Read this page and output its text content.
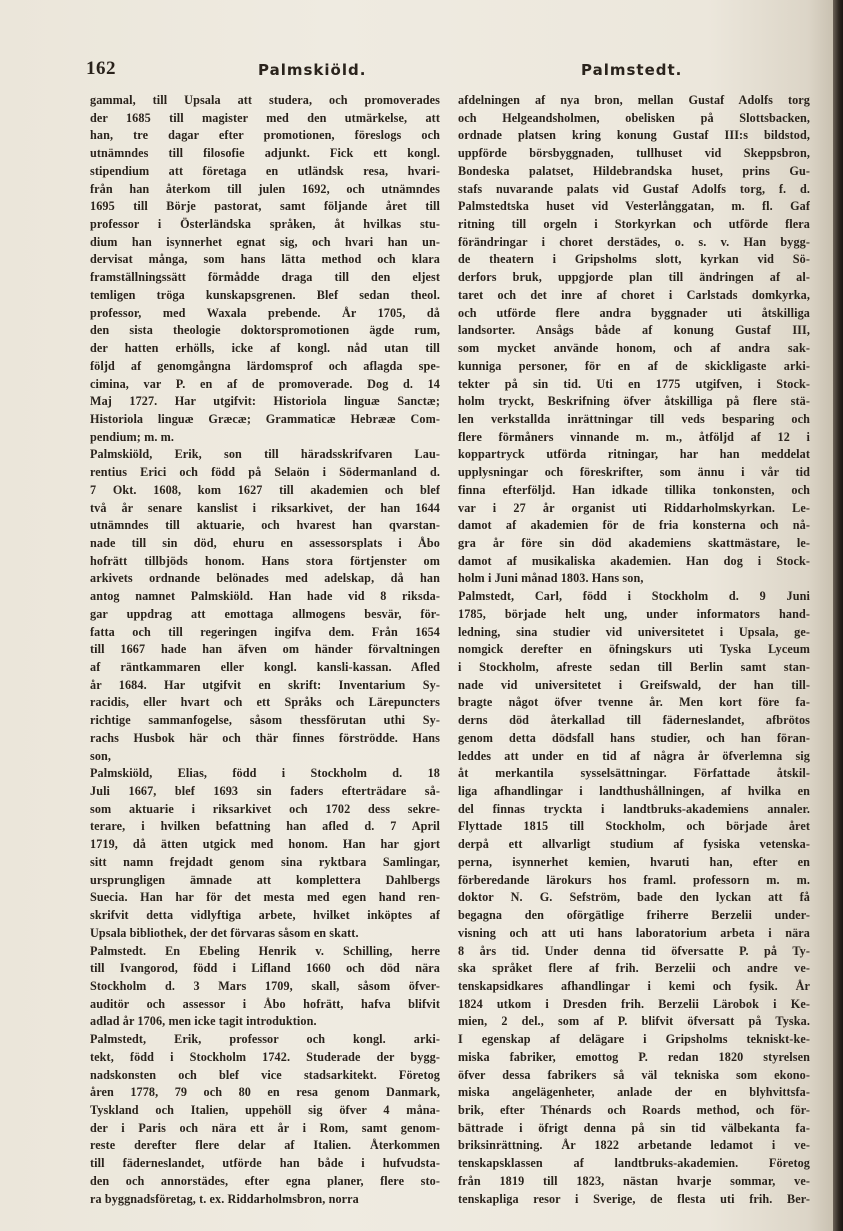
162	Palmskiöld.	Palmstedt.
gammal, till Upsala att studera, och promoverades
der 1685 till magister med den utmärkelse, att
han, tre dagar efter promotionen, föreslogs och
utnämndes till filosofie adjunkt. Fick ett kongl.
stipendium att företaga en utländsk resa, hvari-
från han återkom till julen 1692, och utnämndes
1695 till Börje pastorat, samt följande året till
professor i Österländska språken, åt hvilkas stu-
dium han isynnerhet egnat sig, och hvari han un-
dervisat många, som hans lätta method och klara
framställningssätt förmådde draga till den eljest
temligen tröga kunskapsgrenen. Blef sedan theol.
professor, med Waxala prebende. År 1705, då
den sista theologie doktorspromotionen ägde rum,
der hatten erhölls, icke af kongl. nåd utan till
följd af genomgångna lärdomsprof och aflagda spe-
cimina, var P. en af de promoverade. Dog d. 14
Maj 1727. Har utgifvit: Historiola linguæ Sanctæ;
Historiola linguæ Græcæ; Grammaticæ Hebrææ Com-
pendium; m. m.
Palmskiöld, Erik, son till häradsskrifvaren Lau-
rentius Erici och född på Selaön i Södermanland d.
7 Okt. 1608, kom 1627 till akademien och blef
två år senare kanslist i riksarkivet, der han 1644
utnämndes till aktuarie, och hvarest han qvarstan-
nade till sin död, ehuru en assessorsplats i Åbo
hofrätt tillbjöds honom. Hans stora förtjenster om
arkivets ordnande belönades med adelskap, då han
antog namnet Palmskiöld. Han hade vid 8 riksda-
gar uppdrag att emottaga allmogens besvär, för-
fatta och till regeringen ingifva dem. Från 1654
till 1667 hade han äfven om händer förvaltningen
af räntkammaren eller kongl. kansli-kassan. Afled
år 1684. Har utgifvit en skrift: Inventarium Sy-
racidis, eller hvart och ett Språks och Lärepuncters
richtige sammanfogelse, såsom thessförutan uthi Sy-
rachs Husbok här och thär finnes förströdde. Hans
son,
Palmskiöld, Elias, född i Stockholm d. 18
Juli 1667, blef 1693 sin faders efterträdare så-
som aktuarie i riksarkivet och 1702 dess sekre-
terare, i hvilken befattning han afled d. 7 April
1719, då ätten utgick med honom. Han har gjort
sitt namn frejdadt genom sina ryktbara Samlingar,
ursprungligen ämnade att komplettera Dahlbergs
Suecia. Han har för det mesta med egen hand ren-
skrifvit detta vidlyftiga arbete, hvilket inköptes af
Upsala bibliothek, der det förvaras såsom en skatt.
Palmstedt. En Ebeling Henrik v. Schilling, herre
till Ivangorod, född i Lifland 1660 och död nära
Stockholm d. 3 Mars 1709, skall, såsom öfver-
auditör och assessor i Åbo hofrätt, hafva blifvit
adlad år 1706, men icke tagit introduktion.
Palmstedt, Erik, professor och kongl. arki-
tekt, född i Stockholm 1742. Studerade der bygg-
nadskonsten och blef vice stadsarkitekt. Företog
åren 1778, 79 och 80 en resa genom Danmark,
Tyskland och Italien, uppehöll sig öfver 4 måna-
der i Paris och nära ett år i Rom, samt genom-
reste derefter flere delar af Italien. Återkommen
till fäderneslandet, utförde han både i hufvudsta-
den och annorstädes, efter egna planer, flere sto-
ra byggnadsföretag, t. ex. Riddarholmsbron, norra
afdelningen af nya bron, mellan Gustaf Adolfs torg
och Helgeandsholmen, obelisken på Slottsbacken,
ordnade platsen kring konung Gustaf III:s bildstod,
uppförde börsbyggnaden, tullhuset vid Skeppsbron,
Bondeska palatset, Hildebrandska huset, prins Gu-
stafs nuvarande palats vid Gustaf Adolfs torg, f. d.
Palmstedtska huset vid Vesterlånggatan, m. fl. Gaf
ritning till orgeln i Storkyrkan och utförde flera
förändringar i choret derstädes, o. s. v. Han bygg-
de theatern i Gripsholms slott, kyrkan vid Sö-
derfors bruk, uppgjorde plan till ändringen af al-
taret och det inre af choret i Carlstads domkyrka,
och utförde flere andra byggnader uti åtskilliga
landsorter. Ansågs både af konung Gustaf III,
som mycket använde honom, och af andra sak-
kunniga personer, för en af de skickligaste arki-
tekter på sin tid. Uti en 1775 utgifven, i Stock-
holm tryckt, Beskrifning öfver åtskilliga på flere stä-
len verkstallda inrättningar till veds besparing och
flere förmåners vinnande m. m., åtföljd af 12 i
koppartryck utförda ritningar, har han meddelat
upplysningar och föreskrifter, som ännu i vår tid
finna efterföljd. Han idkade tillika tonkonsten, och
var i 27 år organist uti Riddarholmskyrkan. Le-
damot af akademien för de fria konsterna och nå-
gra år före sin död akademiens skattmästare, le-
damot af musikaliska akademien. Han dog i Stock-
holm i Juni månad 1803. Hans son,
Palmstedt, Carl, född i Stockholm d. 9 Juni
1785, började helt ung, under informators hand-
ledning, sina studier vid universitetet i Upsala, ge-
nomgick derefter en öfningskurs uti Tyska Lyceum
i Stockholm, afreste sedan till Berlin samt stan-
nade vid universitetet i Greifswald, der han till-
bragte något öfver tvenne år. Men kort före fa-
derns död återkallad till fäderneslandet, afbrötos
genom detta dödsfall hans studier, och han föran-
leddes att under en tid af några år öfverlemna sig
åt merkantila sysselsättningar. Författade åtskil-
liga afhandlingar i landthushållningen, af hvilka en
del finnas tryckta i landtbruks-akademiens annaler.
Flyttade 1815 till Stockholm, och började året
derpå ett allvarligt studium af fysiska vetenska-
perna, isynnerhet kemien, hvaruti han, efter en
förberedande lärokurs hos framl. professorn m. m.
doktor N. G. Sefström, bade den lyckan att få
begagna den oförgätlige friherre Berzelii under-
visning och att uti hans laboratorium arbeta i nära
8 års tid. Under denna tid öfversatte P. på Ty-
ska språket flere af frih. Berzelii och andre ve-
tenskapsidkares afhandlingar i kemi och fysik. År
1824 utkom i Dresden frih. Berzelii Lärobok i Ke-
mien, 2 del., som af P. blifvit öfversatt på Tyska.
I egenskap af delägare i Gripsholms tekniskt-ke-
miska fabriker, emottog P. redan 1820 styrelsen
öfver dessa fabrikers så väl tekniska som ekono-
miska angelägenheter, anlade der en blyhvittsfa-
brik, efter Thénards och Roards method, och för-
bättrade i öfrigt denna på sin tid välbekanta fa-
briksinrättning. År 1822 arbetande ledamot i ve-
tenskapsklassen af landtbruks-akademien. Företog
från 1819 till 1823, nästan hvarje sommar, ve-
tenskapliga resor i Sverige, de flesta uti frih. Ber-
